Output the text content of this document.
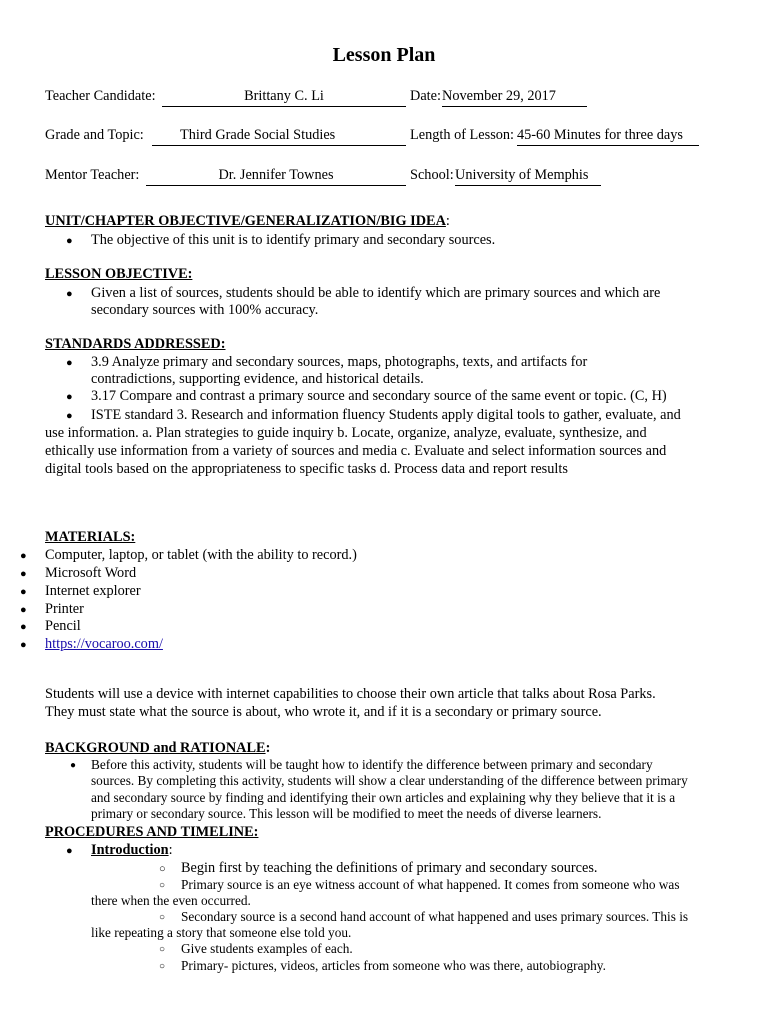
Lesson Plan
Teacher Candidate:	Brittany C. Li	Date: November 29, 2017
Grade and Topic:	Third Grade Social Studies	Length of Lesson: 45-60 Minutes for three days
Mentor Teacher:	Dr. Jennifer Townes	School: University of Memphis
UNIT/CHAPTER OBJECTIVE/GENERALIZATION/BIG IDEA:
● The objective of this unit is to identify primary and secondary sources.
LESSON OBJECTIVE:
● Given a list of sources, students should be able to identify which are primary sources and which are
secondary sources with 100% accuracy.
STANDARDS ADDRESSED:
● 3.9 Analyze primary and secondary sources, maps, photographs, texts, and artifacts for
contradictions, supporting evidence, and historical details.
● 3.17 Compare and contrast a primary source and secondary source of the same event or topic. (C, H)
● ISTE standard 3. Research and information fluency Students apply digital tools to gather, evaluate, and
use information. a. Plan strategies to guide inquiry b. Locate, organize, analyze, evaluate, synthesize, and
ethically use information from a variety of sources and media c. Evaluate and select information sources and
digital tools based on the appropriateness to specific tasks d. Process data and report results
MATERIALS:
● Computer, laptop, or tablet (with the ability to record.)
● Microsoft Word
● Internet explorer
● Printer
● Pencil
● https://vocaroo.com/
Students will use a device with internet capabilities to choose their own article that talks about Rosa Parks.
They must state what the source is about, who wrote it, and if it is a secondary or primary source.
BACKGROUND and RATIONALE:
● Before this activity, students will be taught how to identify the difference between primary and secondary
sources. By completing this activity, students will show a clear understanding of the difference between primary
and secondary source by finding and identifying their own articles and explaining why they believe that it is a
primary or secondary source. This lesson will be modified to meet the needs of diverse learners.
PROCEDURES AND TIMELINE:
● Introduction:
○ Begin first by teaching the definitions of primary and secondary sources.
○	Primary source is an eye witness account of what happened. It comes from someone who was
there when the even occurred.
○	Secondary source is a second hand account of what happened and uses primary sources. This is
like repeating a story that someone else told you.
○	Give students examples of each.
○	Primary- pictures, videos, articles from someone who was there, autobiography.
